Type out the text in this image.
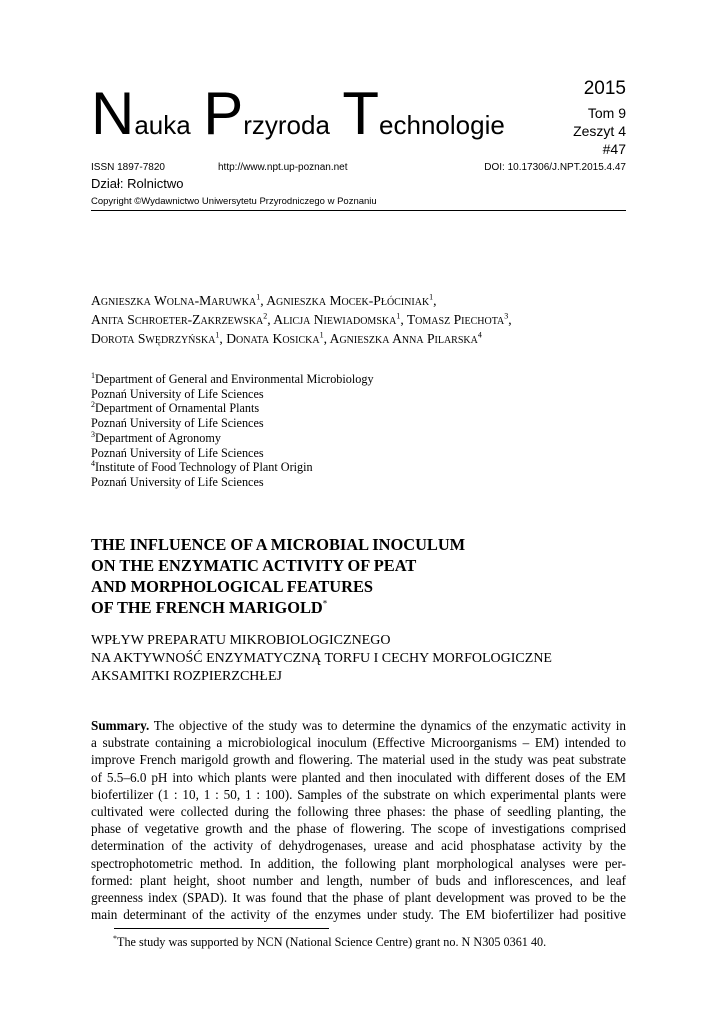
Nauka Przyroda Technologie
2015
Tom 9
Zeszyt 4
#47
ISSN 1897-7820	http://www.npt.up-poznan.net	DOI: 10.17306/J.NPT.2015.4.47
Dział: Rolnictwo
Copyright ©Wydawnictwo Uniwersytetu Przyrodniczego w Poznaniu
Agnieszka Wolna-Maruwka$^1$, Agnieszka Mocek-Płóciniak$^1$,
Anita Schroeter-Zakrzewska$^2$, Alicja Niewiadomska$^1$, Tomasz Piechota$^3$,
Dorota Swędrzyńska$^1$, Donata Kosicka$^1$, Agnieszka Anna Pilarska$^4$
$^1$Department of General and Environmental Microbiology
Poznań University of Life Sciences
$^2$Department of Ornamental Plants
Poznań University of Life Sciences
$^3$Department of Agronomy
Poznań University of Life Sciences
$^4$Institute of Food Technology of Plant Origin
Poznań University of Life Sciences
THE INFLUENCE OF A MICROBIAL INOCULUM
ON THE ENZYMATIC ACTIVITY OF PEAT
AND MORPHOLOGICAL FEATURES
OF THE FRENCH MARIGOLD*
WPŁYW PREPARATU MIKROBIOLOGICZNEGO
NA AKTYWNOŚĆ ENZYMATYCZNĄ TORFU I CECHY MORFOLOGICZNE
AKSAMITKI ROZPIERZCHŁEJ
Summary. The objective of the study was to determine the dynamics of the enzymatic activity in
a substrate containing a microbiological inoculum (Effective Microorganisms – EM) intended to
improve French marigold growth and flowering. The material used in the study was peat substrate
of 5.5–6.0 pH into which plants were planted and then inoculated with different doses of the EM
biofertilizer (1 : 10, 1 : 50, 1 : 100). Samples of the substrate on which experimental plants were
cultivated were collected during the following three phases: the phase of seedling planting, the
phase of vegetative growth and the phase of flowering. The scope of investigations comprised
determination of the activity of dehydrogenases, urease and acid phosphatase activity by the
spectrophotometric method. In addition, the following plant morphological analyses were per-
formed: plant height, shoot number and length, number of buds and inflorescences, and leaf
greenness index (SPAD). It was found that the phase of plant development was proved to be the
main determinant of the activity of the enzymes under study. The EM biofertilizer had positive
*The study was supported by NCN (National Science Centre) grant no. N N305 0361 40.
